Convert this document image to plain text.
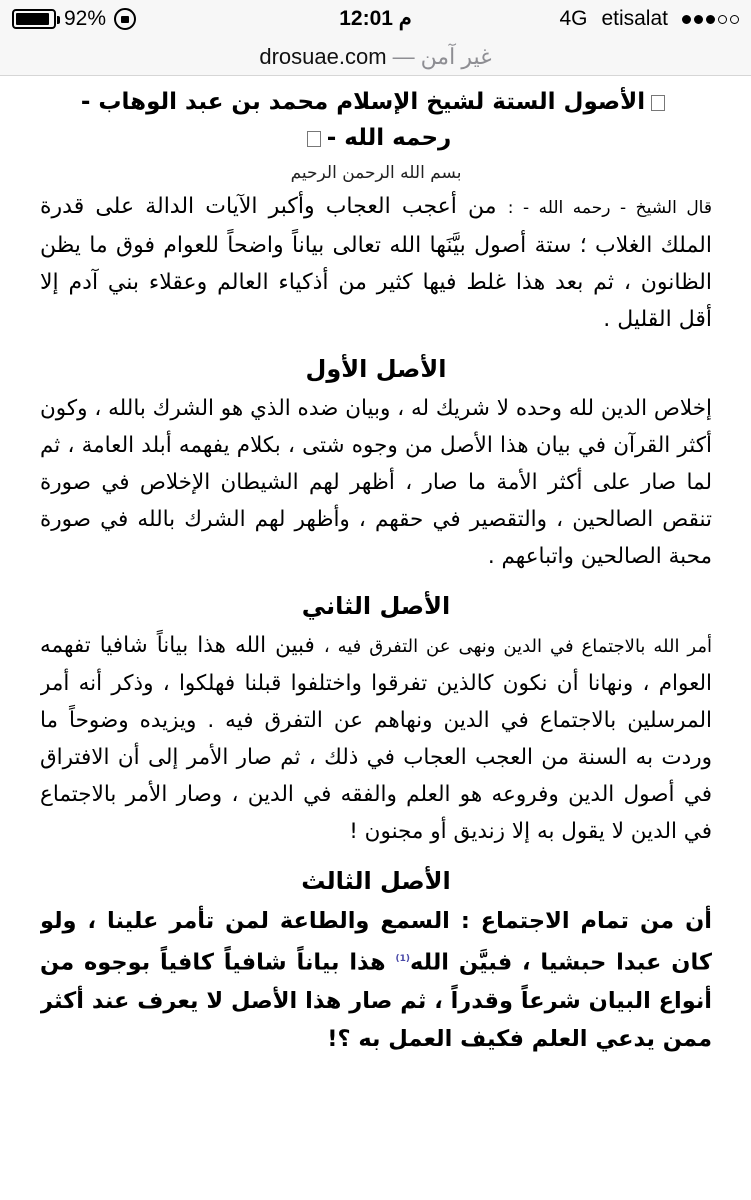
92%	12:01 م	4G etisalat
drosuae.com — غير آمن
الأصول الستة لشيخ الإسلام محمد بن عبد الوهاب -
رحمه الله -
بسم الله الرحمن الرحيم

قال الشيخ - رحمه الله - : من أعجب العجاب وأكبر الآيات الدالة على قدرة الملك الغلاب ؛ ستة أصول بيَّنَها الله تعالى بياناً واضحاً للعوام فوق ما يظن الظانون ، ثم بعد هذا غلط فيها كثير من أذكياء العالم وعقلاء بني آدم إلا أقل القليل .

الأصل الأول

إخلاص الدين لله وحده لا شريك له ، وبيان ضده الذي هو الشرك بالله ، وكون أكثر القرآن في بيان هذا الأصل من وجوه شتى ، بكلام يفهمه أبلد العامة ، ثم لما صار على أكثر الأمة ما صار ، أظهر لهم الشيطان الإخلاص في صورة تنقص الصالحين ، والتقصير في حقهم ، وأظهر لهم الشرك بالله في صورة محبة الصالحين واتباعهم .

الأصل الثاني

أمر الله بالاجتماع في الدين ونهى عن التفرق فيه ، فبين الله هذا بياناً شافيا تفهمه العوام ، ونهانا أن نكون كالذين تفرقوا واختلفوا قبلنا فهلكوا ، وذكر أنه أمر المرسلين بالاجتماع في الدين ونهاهم عن التفرق فيه . ويزيده وضوحاً ما وردت به السنة من العجب العجاب في ذلك ، ثم صار الأمر إلى أن الافتراق في أصول الدين وفروعه هو العلم والفقه في الدين ، وصار الأمر بالاجتماع في الدين لا يقول به إلا زنديق أو مجنون !

الأصل الثالث

أن من تمام الاجتماع : السمع والطاعة لمن تأمر علينا ، ولو كان عبدا حبشيا ، فبيَّن الله$^{(1)}$ هذا بياناً شافياً كافياً بوجوه من أنواع البيان شرعاً وقدراً ، ثم صار هذا الأصل لا يعرف عند أكثر ممن يدعي العلم فكيف العمل به ؟!
